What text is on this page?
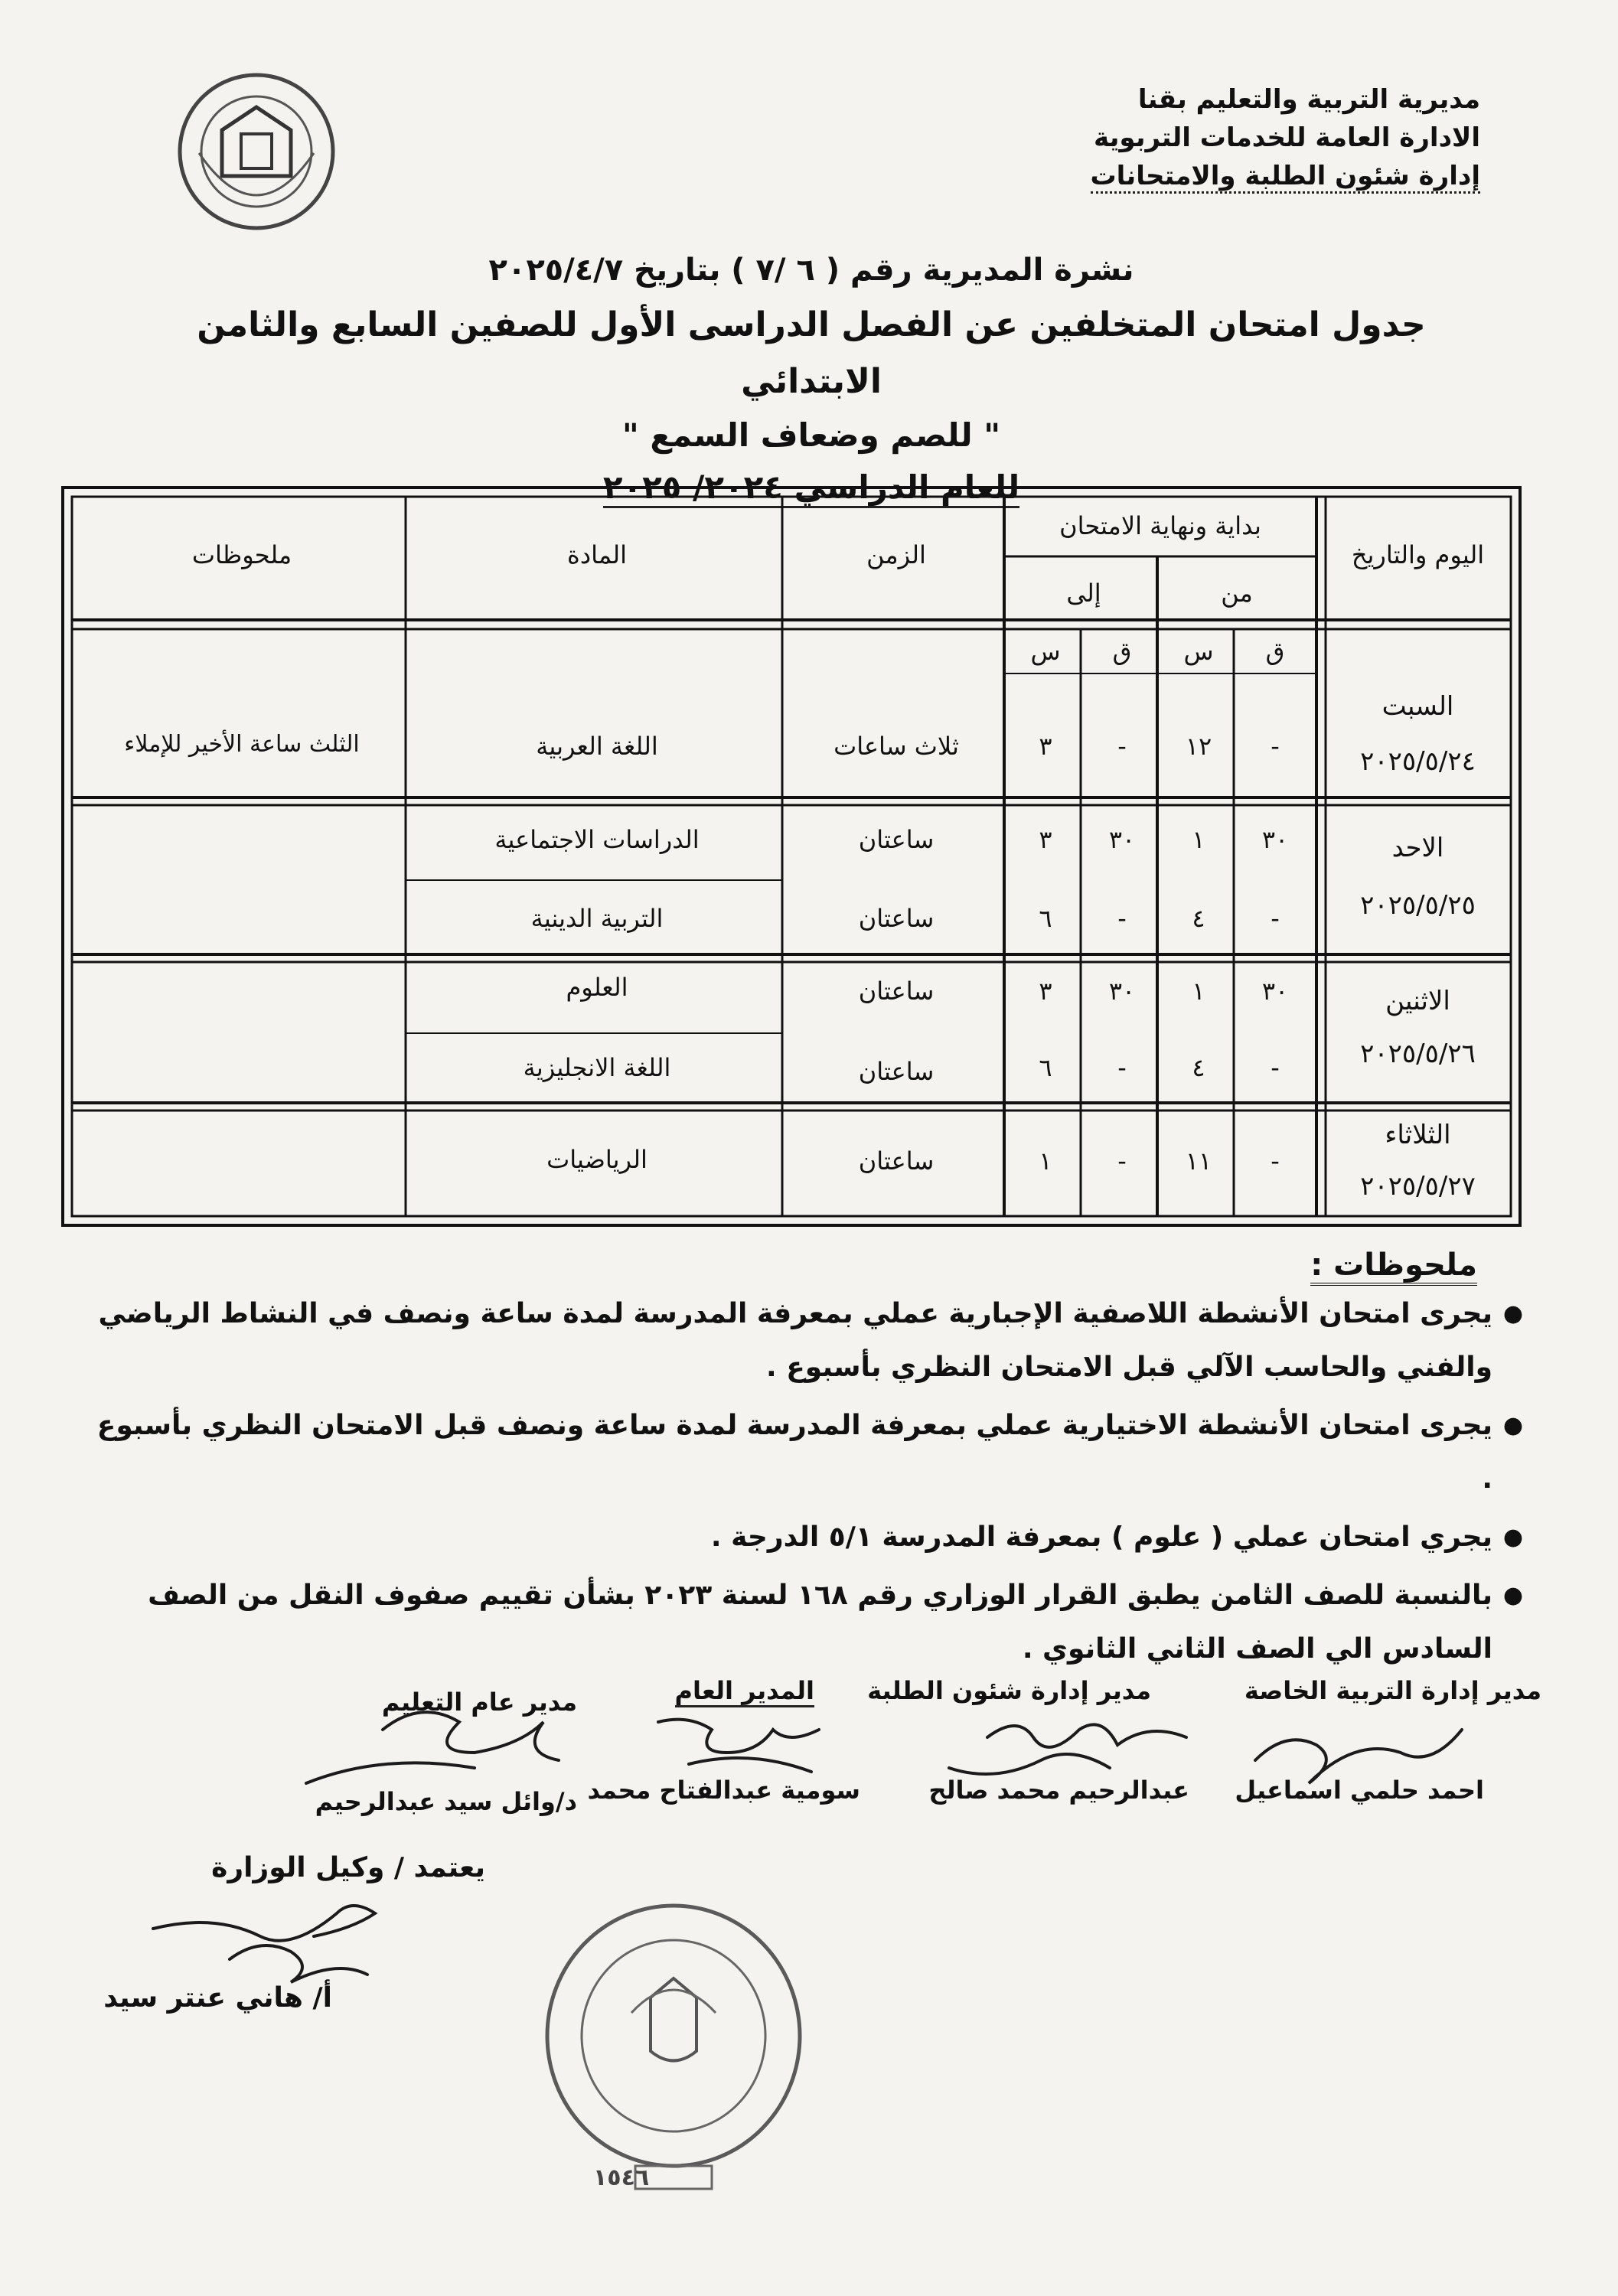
مديرية التربية والتعليم بقنا
الادارة العامة للخدمات التربوية
إدارة شئون الطلبة والامتحانات
نشرة المديرية رقم ( ٦ /٧ ) بتاريخ ٢٠٢٥/٤/٧
جدول امتحان المتخلفين عن الفصل الدراسى الأول للصفين السابع والثامن الابتدائي
" للصم وضعاف السمع "
للعام الدراسي ٢٠٢٤/ ٢٠٢٥
اليوم والتاريخ
بداية ونهاية الامتحان
من
إلى
الزمن
المادة
ملحوظات
ق
س
ق
س
السبت
٢٠٢٥/٥/٢٤
الاحد
٢٠٢٥/٥/٢٥
الاثنين
٢٠٢٥/٥/٢٦
الثلاثاء
٢٠٢٥/٥/٢٧
-
١٢
-
٣
ثلاث ساعات
اللغة العربية
الثلث ساعة الأخير للإملاء
٣٠
١
٣٠
٣
ساعتان
الدراسات الاجتماعية
-
٤
-
٦
ساعتان
التربية الدينية
٣٠
١
٣٠
٣
ساعتان
العلوم
-
٤
-
٦
ساعتان
اللغة الانجليزية
-
١١
-
١
ساعتان
الرياضيات
ملحوظات :
●
يجرى امتحان الأنشطة اللاصفية الإجبارية عملي بمعرفة المدرسة لمدة ساعة ونصف في النشاط الرياضي والفني والحاسب الآلي قبل الامتحان النظري بأسبوع .
●
يجرى امتحان الأنشطة الاختيارية عملي بمعرفة المدرسة لمدة ساعة ونصف قبل الامتحان النظري بأسبوع .
●
يجري امتحان عملي ( علوم ) بمعرفة المدرسة ٥/١ الدرجة .
●
بالنسبة للصف الثامن يطبق القرار الوزاري رقم ١٦٨ لسنة ٢٠٢٣ بشأن تقييم صفوف النقل من الصف السادس الي الصف الثاني الثانوي .
مدير إدارة التربية الخاصة
مدير إدارة شئون الطلبة
المدير العام
مدير عام التعليم
احمد حلمي اسماعيل
عبدالرحيم محمد صالح
سومية عبدالفتاح محمد
د/وائل سيد عبدالرحيم
يعتمد / وكيل الوزارة
أ/ هاني عنتر سيد
١٥٤٦
